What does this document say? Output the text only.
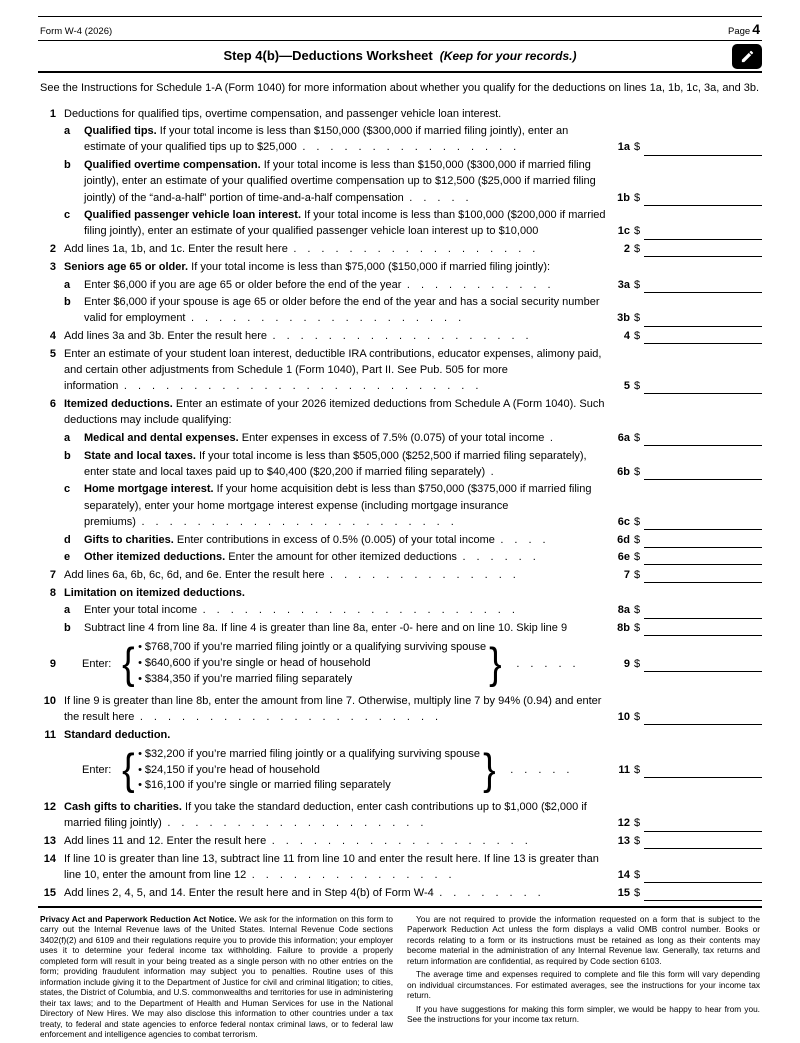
Form W-4 (2026)	Page 4
Step 4(b)—Deductions Worksheet (Keep for your records.)
See the Instructions for Schedule 1-A (Form 1040) for more information about whether you qualify for the deductions on lines 1a, 1b, 1c, 3a, and 3b.
1 Deductions for qualified tips, overtime compensation, and passenger vehicle loan interest.
a	Qualified tips. If your total income is less than $150,000 ($300,000 if married filing jointly), enter an estimate of your qualified tips up to $25,000 . . . . . . . . . . . . . . . .	1a $
b	Qualified overtime compensation. If your total income is less than $150,000 ($300,000 if married filing jointly), enter an estimate of your qualified overtime compensation up to $12,500 ($25,000 if married filing jointly) of the “and-a-half” portion of time-and-a-half compensation . . . . .	1b $
c	Qualified passenger vehicle loan interest. If your total income is less than $100,000 ($200,000 if married filing jointly), enter an estimate of your qualified passenger vehicle loan interest up to $10,000	1c $
2 Add lines 1a, 1b, and 1c. Enter the result here . . . . . . . . . . . . . . . . . .	2 $
3 Seniors age 65 or older. If your total income is less than $75,000 ($150,000 if married filing jointly):
a	Enter $6,000 if you are age 65 or older before the end of the year . . . . . . . . . . .	3a $
b	Enter $6,000 if your spouse is age 65 or older before the end of the year and has a social security number valid for employment . . . . . . . . . . . . . . . . . . . .	3b $
4 Add lines 3a and 3b. Enter the result here . . . . . . . . . . . . . . . . . . .	4 $
5 Enter an estimate of your student loan interest, deductible IRA contributions, educator expenses, alimony paid, and certain other adjustments from Schedule 1 (Form 1040), Part II. See Pub. 505 for more information . . . . . . . . . . . . . . . . . . . . . . . . . .	5 $
6 Itemized deductions. Enter an estimate of your 2026 itemized deductions from Schedule A (Form 1040). Such deductions may include qualifying:
a	Medical and dental expenses. Enter expenses in excess of 7.5% (0.075) of your total income .	6a $
b	State and local taxes. If your total income is less than $505,000 ($252,500 if married filing separately), enter state and local taxes paid up to $40,400 ($20,200 if married filing separately) .	6b $
c	Home mortgage interest. If your home acquisition debt is less than $750,000 ($375,000 if married filing separately), enter your home mortgage interest expense (including mortgage insurance premiums) . . . . . . . . . . . . . . . . . . . . . . .	6c $
d	Gifts to charities. Enter contributions in excess of 0.5% (0.005) of your total income . . . .	6d $
e	Other itemized deductions. Enter the amount for other itemized deductions . . . . . .	6e $
7 Add lines 6a, 6b, 6c, 6d, and 6e. Enter the result here . . . . . . . . . . . . . .	7 $
8 Limitation on itemized deductions.
a	Enter your total income . . . . . . . . . . . . . . . . . . . . . . .	8a $
b	Subtract line 4 from line 8a. If line 4 is greater than line 8a, enter -0- here and on line 10. Skip line 9	8b $
9	Enter: { • $768,700 if you’re married filing jointly or a qualifying surviving spouse
• $640,600 if you’re single or head of household
• $384,350 if you’re married filing separately	}  . . . . .	9 $
10 If line 9 is greater than line 8b, enter the amount from line 7. Otherwise, multiply line 7 by 94% (0.94) and enter the result here . . . . . . . . . . . . . . . . . . . . . .	10 $
11 Standard deduction.
Enter: { • $32,200 if you’re married filing jointly or a qualifying surviving spouse
• $24,150 if you’re head of household
• $16,100 if you’re single or married filing separately	}  . . . . .	11 $
12 Cash gifts to charities. If you take the standard deduction, enter cash contributions up to $1,000 ($2,000 if married filing jointly) . . . . . . . . . . . . . . . . . . .	12 $
13 Add lines 11 and 12. Enter the result here . . . . . . . . . . . . . . . . . . .	13 $
14 If line 10 is greater than line 13, subtract line 11 from line 10 and enter the result here. If line 13 is greater than line 10, enter the amount from line 12 . . . . . . . . . . . . . . .	14 $
15 Add lines 2, 4, 5, and 14. Enter the result here and in Step 4(b) of Form W-4 . . . . . . . .	15 $

Privacy Act and Paperwork Reduction Act Notice. We ask for the information on this form to carry out the Internal Revenue laws of the United States. Internal Revenue Code sections 3402(f)(2) and 6109 and their regulations require you to provide this information; your employer uses it to determine your federal income tax withholding. Failure to provide a properly completed form will result in your being treated as a single person with no other entries on the form; providing fraudulent information may subject you to penalties. Routine uses of this information include giving it to the Department of Justice for civil and criminal litigation; to cities, states, the District of Columbia, and U.S. commonwealths and territories for use in administering their tax laws; and to the Department of Health and Human Services for use in the National Directory of New Hires. We may also disclose this information to other countries under a tax treaty, to federal and state agencies to enforce federal nontax criminal laws, or to federal law enforcement and intelligence agencies to combat terrorism.

You are not required to provide the information requested on a form that is subject to the Paperwork Reduction Act unless the form displays a valid OMB control number. Books or records relating to a form or its instructions must be retained as long as their contents may become material in the administration of any Internal Revenue law. Generally, tax returns and return information are confidential, as required by Code section 6103.

The average time and expenses required to complete and file this form will vary depending on individual circumstances. For estimated averages, see the instructions for your income tax return.

If you have suggestions for making this form simpler, we would be happy to hear from you. See the instructions for your income tax return.
